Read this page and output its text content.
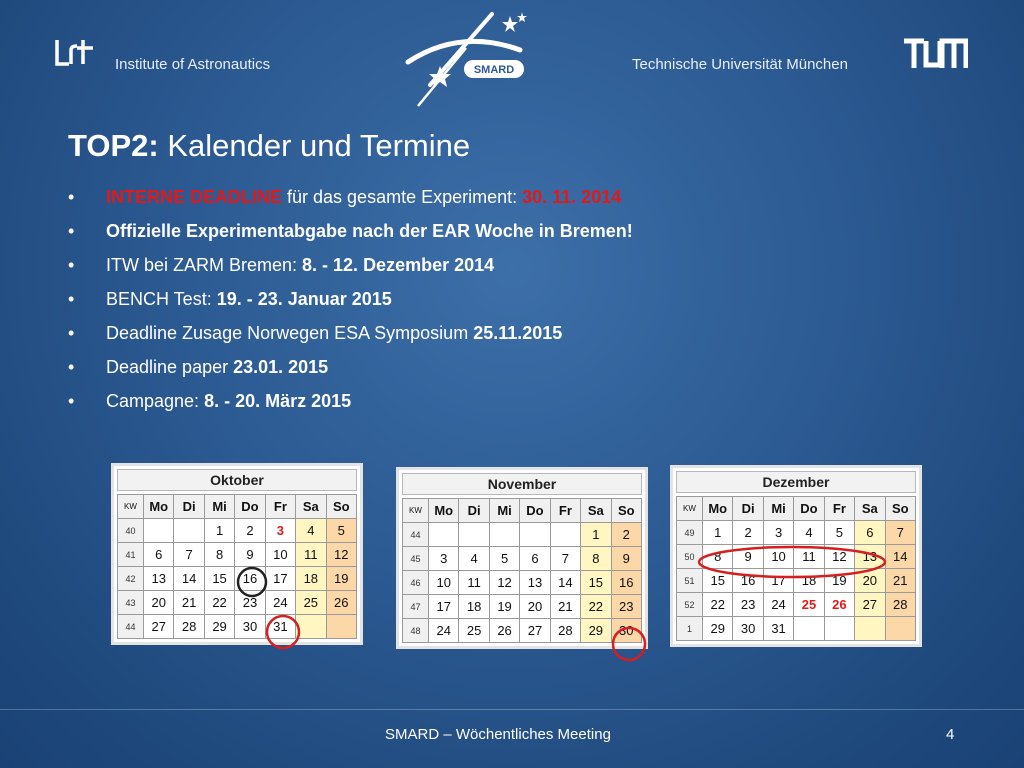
Institute of Astronautics	SMARD	Technische Universität München
TOP2: Kalender und Termine
• INTERNE DEADLINE für das gesamte Experiment: 30. 11. 2014
• Offizielle Experimentabgabe nach der EAR Woche in Bremen!
• ITW bei ZARM Bremen: 8. - 12. Dezember 2014
• BENCH Test: 19. - 23. Januar 2015
• Deadline Zusage Norwegen ESA Symposium 25.11.2015
• Deadline paper 23.01. 2015
• Campagne: 8. - 20. März 2015
Oktober
KW	Mo	Di	Mi	Do	Fr	Sa	So
40			1	2	3	4	5
41	6	7	8	9	10	11	12
42	13	14	15	16	17	18	19
43	20	21	22	23	24	25	26
44	27	28	29	30	31		
November
KW	Mo	Di	Mi	Do	Fr	Sa	So
44						1	2
45	3	4	5	6	7	8	9
46	10	11	12	13	14	15	16
47	17	18	19	20	21	22	23
48	24	25	26	27	28	29	30
Dezember
KW	Mo	Di	Mi	Do	Fr	Sa	So
49	1	2	3	4	5	6	7
50	8	9	10	11	12	13	14
51	15	16	17	18	19	20	21
52	22	23	24	25	26	27	28
1	29	30	31				
SMARD – Wöchentliches Meeting	4
